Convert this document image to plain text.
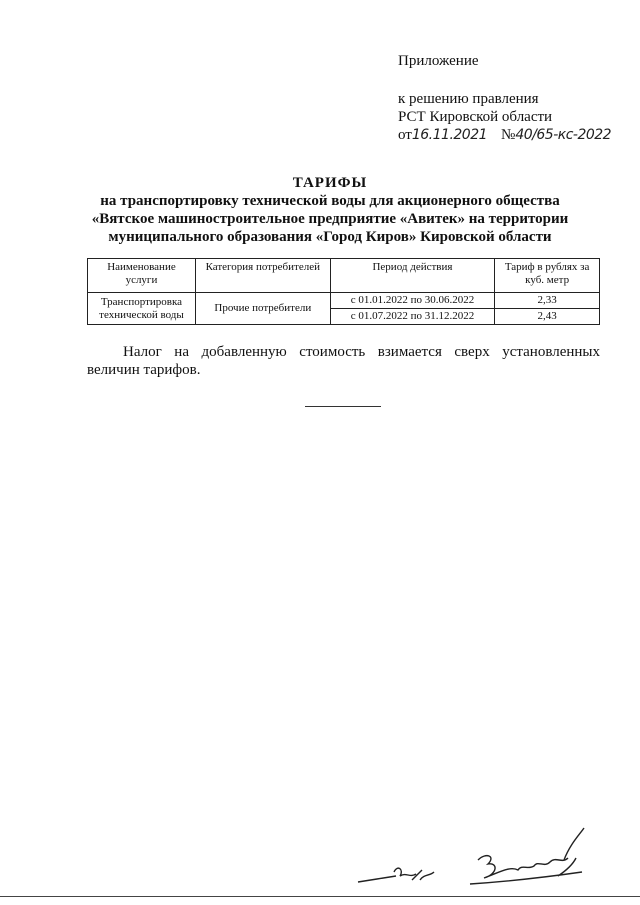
Приложение
к решению правления
РСТ Кировской области
от 16.11.2021 № 40/65-кс-2022
ТАРИФЫ
на транспортировку технической воды для акционерного общества
«Вятское машиностроительное предприятие «Авитек» на территории
муниципального образования «Город Киров» Кировской области
Наименование услуги	Категория потребителей	Период действия	Тариф в рублях за куб. метр
Транспортировка технической воды	Прочие потребители	с 01.01.2022 по 30.06.2022	2,33
		с 01.07.2022 по 31.12.2022	2,43
Налог на добавленную стоимость взимается сверх установленных величин тарифов.
